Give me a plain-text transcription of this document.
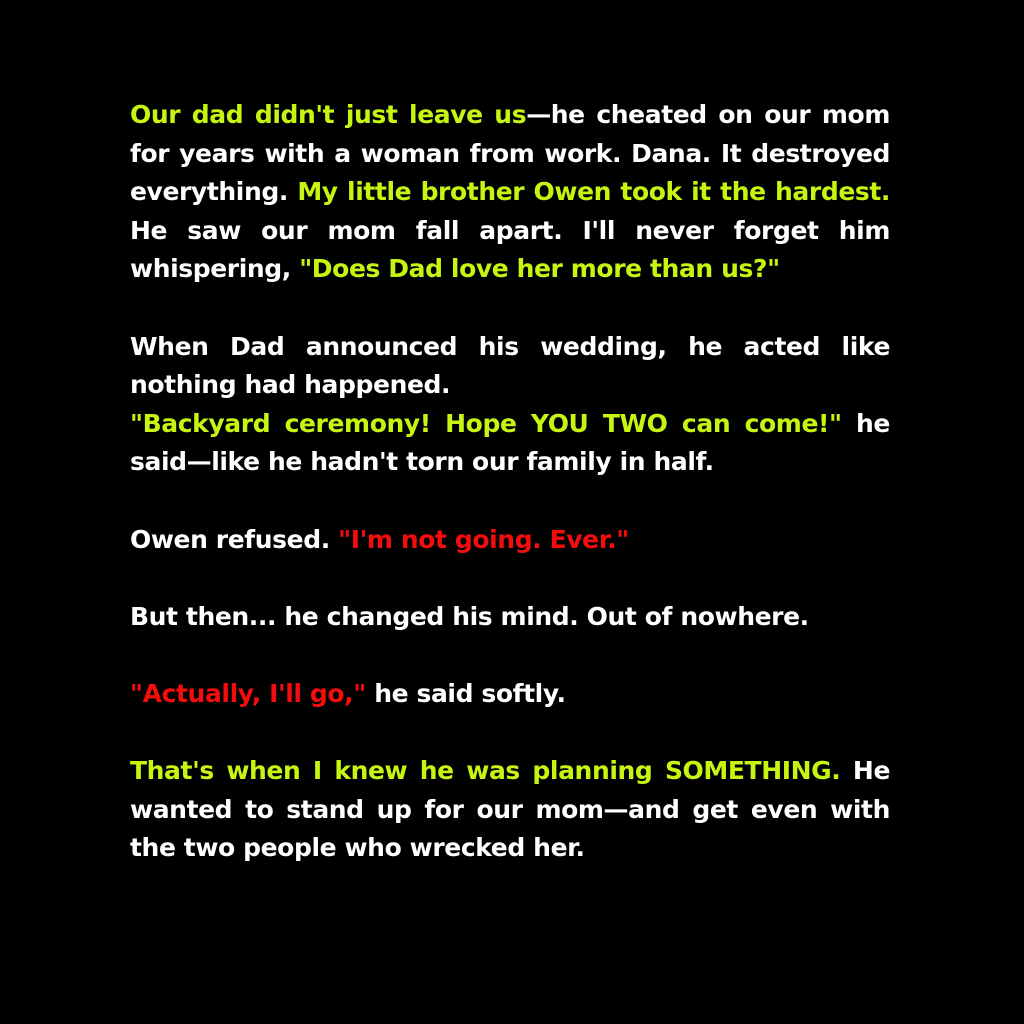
Our dad didn't just leave us—he cheated on our mom for years with a woman from work. Dana. It destroyed everything. My little brother Owen took it the hardest. He saw our mom fall apart. I'll never forget him whispering, "Does Dad love her more than us?"

When Dad announced his wedding, he acted like nothing had happened.

"Backyard ceremony! Hope YOU TWO can come!" he said—like he hadn't torn our family in half.

Owen refused. "I'm not going. Ever."

But then... he changed his mind. Out of nowhere.

"Actually, I'll go," he said softly.

That's when I knew he was planning SOMETHING. He wanted to stand up for our mom—and get even with the two people who wrecked her.
